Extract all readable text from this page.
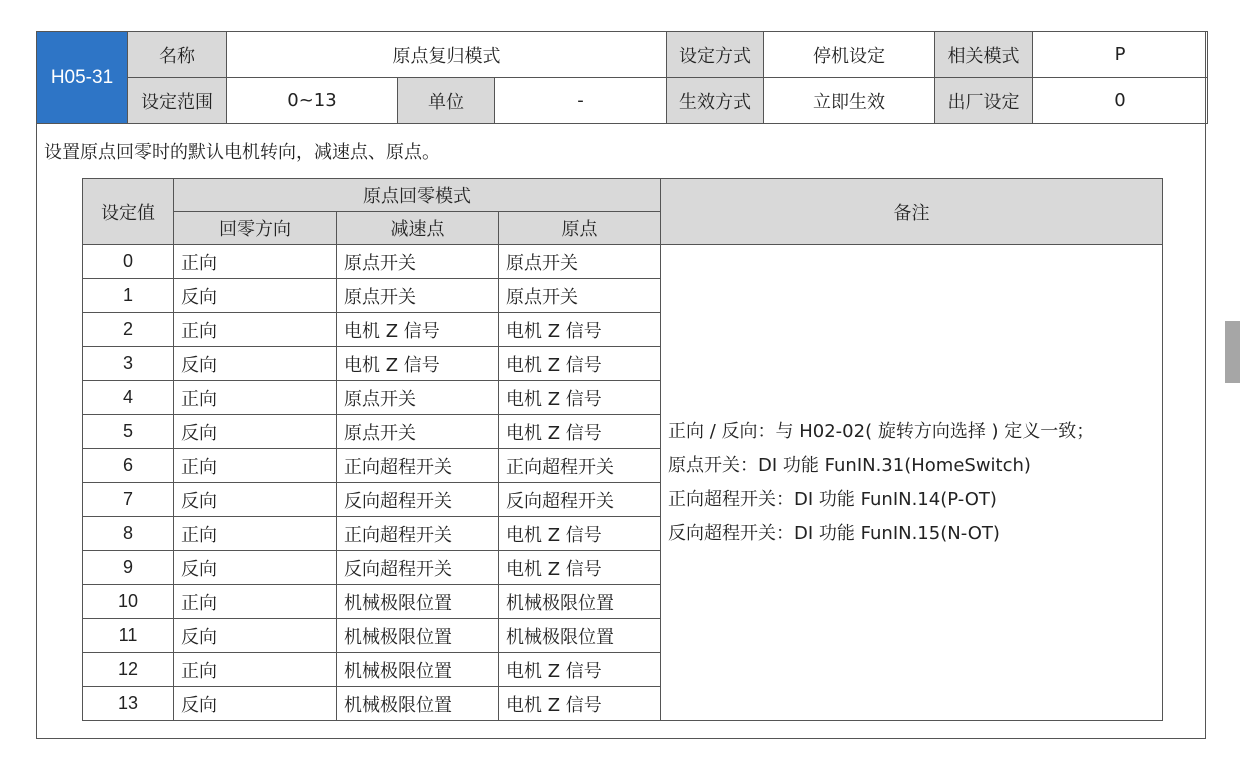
H05-31	名称	原点复归模式			设定方式	停机设定	相关模式	P
	设定范围	0~13	单位	-	生效方式	立即生效	出厂设定	0
设置原点回零时的默认电机转向，减速点、原点。
设定值	原点回零模式			备注
	回零方向	减速点	原点	
0	正向	原点开关	原点开关	正向 / 反向：与 H02-02( 旋转方向选择 ) 定义一致；
原点开关：DI 功能 FunIN.31(HomeSwitch)
正向超程开关：DI 功能 FunIN.14(P-OT)
反向超程开关：DI 功能 FunIN.15(N-OT)

1	反向	原点开关	原点开关	
2	正向	电机 Z 信号	电机 Z 信号	
3	反向	电机 Z 信号	电机 Z 信号	
4	正向	原点开关	电机 Z 信号	
5	反向	原点开关	电机 Z 信号	
6	正向	正向超程开关	正向超程开关	
7	反向	反向超程开关	反向超程开关	
8	正向	正向超程开关	电机 Z 信号	
9	反向	反向超程开关	电机 Z 信号	
10	正向	机械极限位置	机械极限位置	
11	反向	机械极限位置	机械极限位置	
12	正向	机械极限位置	电机 Z 信号	
13	反向	机械极限位置	电机 Z 信号	
